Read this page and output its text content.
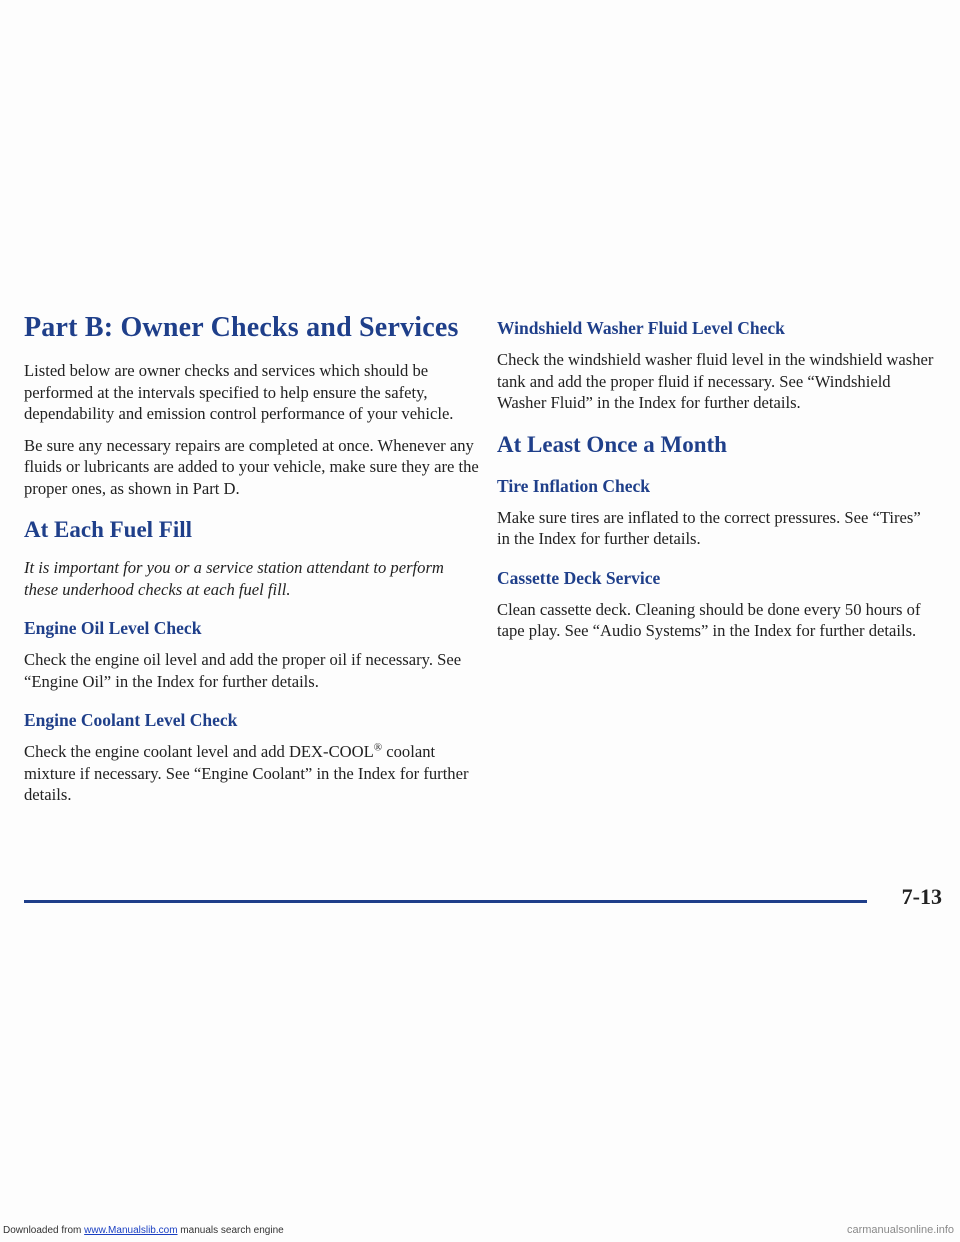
Part B: Owner Checks and Services

Listed below are owner checks and services which should be performed at the intervals specified to help ensure the safety, dependability and emission control performance of your vehicle.

Be sure any necessary repairs are completed at once. Whenever any fluids or lubricants are added to your vehicle, make sure they are the proper ones, as shown in Part D.

At Each Fuel Fill

It is important for you or a service station attendant to perform these underhood checks at each fuel fill.

Engine Oil Level Check

Check the engine oil level and add the proper oil if necessary. See “Engine Oil” in the Index for further details.

Engine Coolant Level Check

Check the engine coolant level and add DEX-COOL® coolant mixture if necessary. See “Engine Coolant” in the Index for further details.

Windshield Washer Fluid Level Check

Check the windshield washer fluid level in the windshield washer tank and add the proper fluid if necessary. See “Windshield Washer Fluid” in the Index for further details.

At Least Once a Month
Tire Inflation Check

Make sure tires are inflated to the correct pressures. See “Tires” in the Index for further details.

Cassette Deck Service

Clean cassette deck. Cleaning should be done every 50 hours of tape play. See “Audio Systems” in the Index for further details.

7-13
Downloaded from www.Manualslib.com manuals search engine	carmanualsonline.info
